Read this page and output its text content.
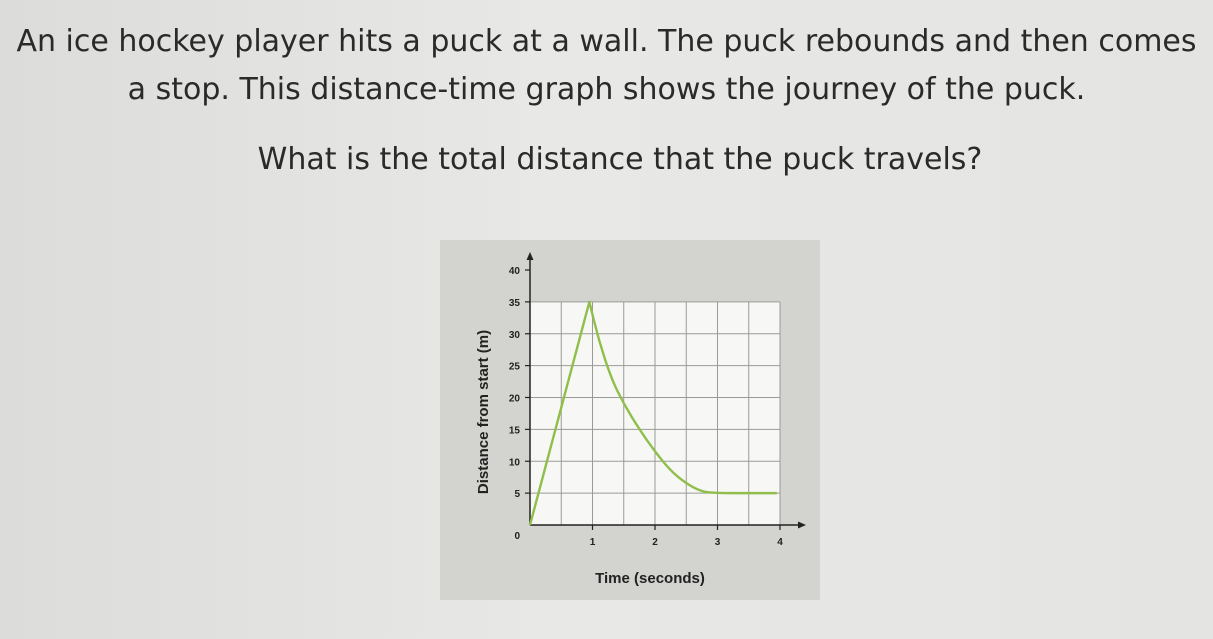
An ice hockey player hits a puck at a wall. The puck rebounds and then comes

a stop. This distance-time graph shows the journey of the puck.

What is the total distance that the puck travels?
0
5
10
15
20
25
30
35
40
1	2	3	4
Time (seconds)
Distance from start (m)
